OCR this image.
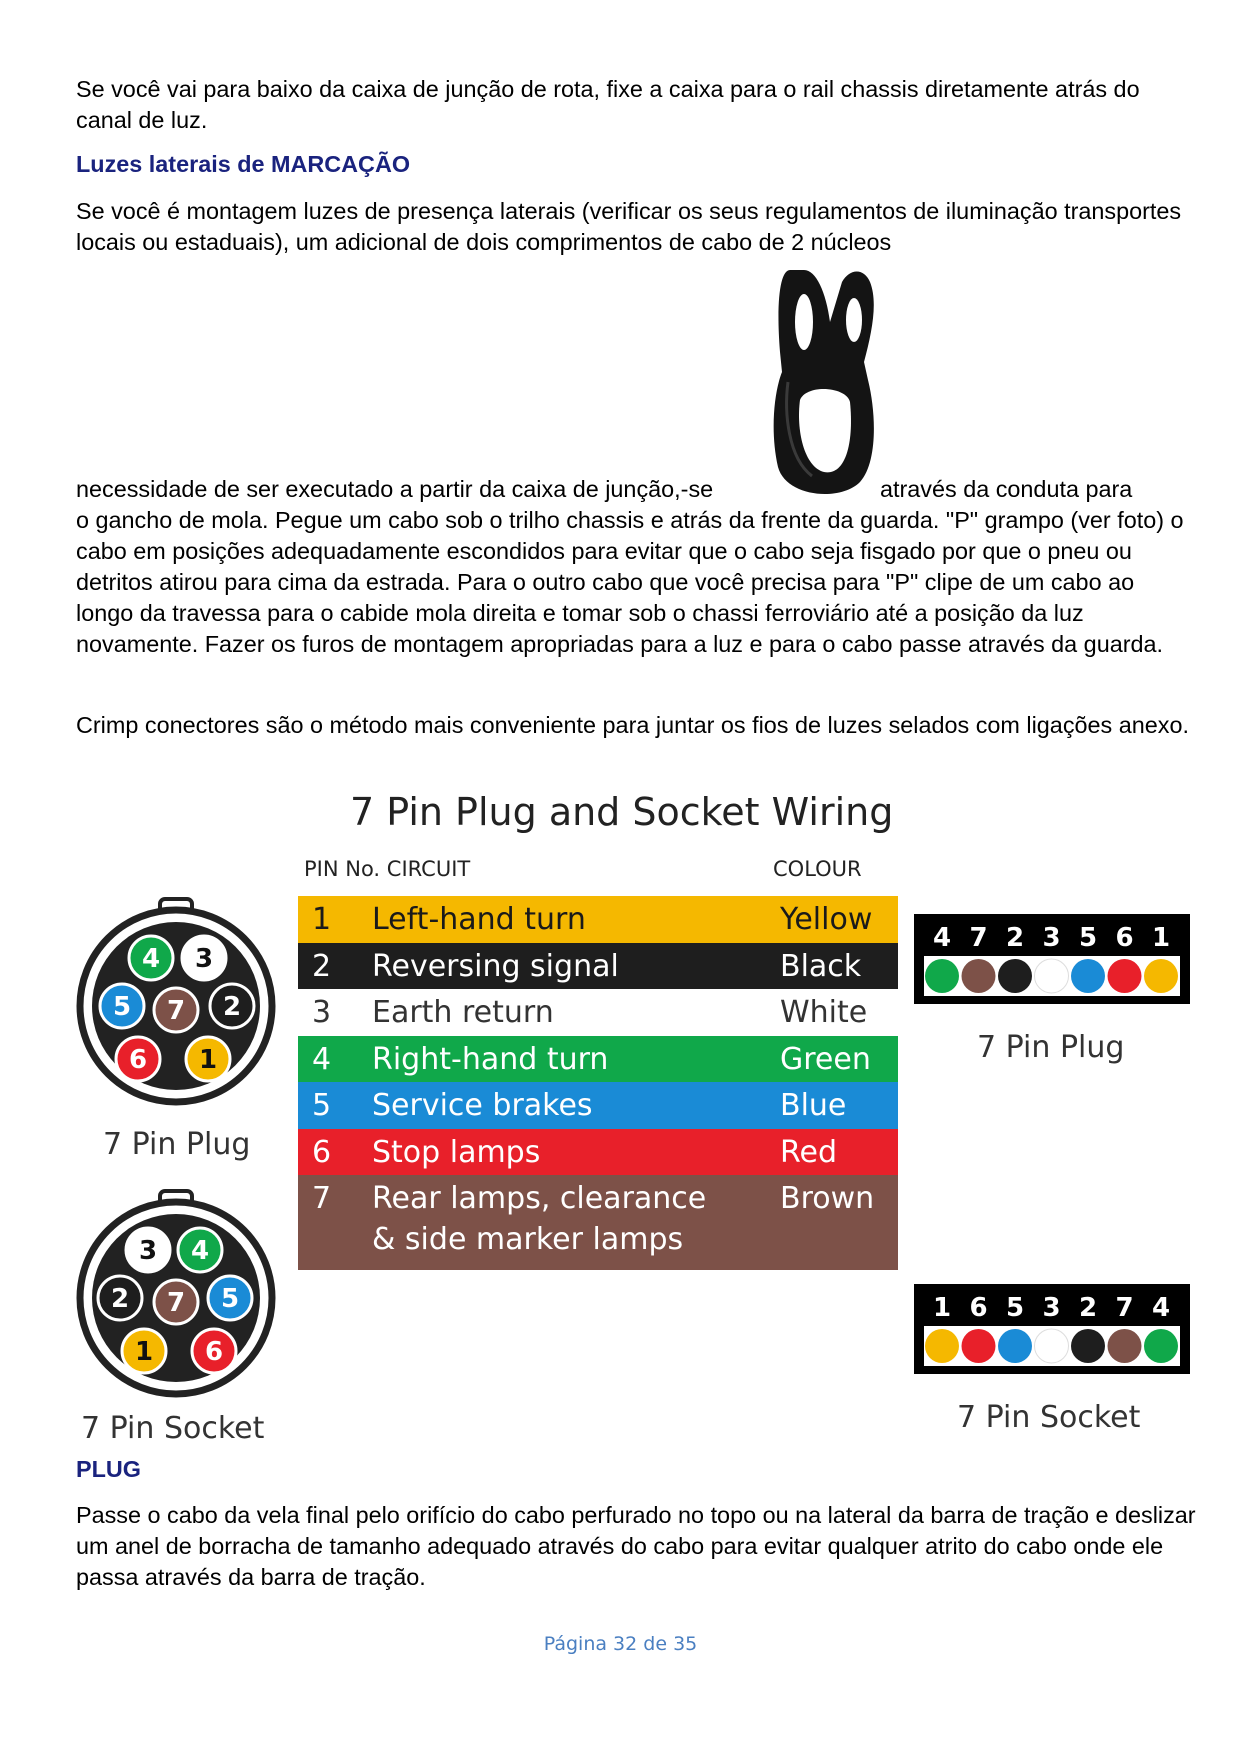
Se você vai para baixo da caixa de junção de rota, fixe a caixa para o rail chassis diretamente atrás do canal de luz.

Luzes laterais de MARCAÇÃO

Se você é montagem luzes de presença laterais (verificar os seus regulamentos de iluminação transportes locais ou estaduais), um adicional de dois comprimentos de cabo de 2 núcleos

necessidade de ser executado a partir da caixa de junção,-se	através da conduta para

o gancho de mola. Pegue um cabo sob o trilho chassis e atrás da frente da guarda. "P" grampo (ver foto) o cabo em posições adequadamente escondidos para evitar que o cabo seja fisgado por que o pneu ou detritos atirou para cima da estrada. Para o outro cabo que você precisa para "P" clipe de um cabo ao longo da travessa para o cabide mola direita e tomar sob o chassi ferroviário até a posição da luz novamente. Fazer os furos de montagem apropriadas para a luz e para o cabo passe através da guarda.

Crimp conectores são o método mais conveniente para juntar os fios de luzes selados com ligações anexo.

7 Pin Plug and Socket Wiring
PIN No. CIRCUIT	COLOUR
1 Left-hand turn	Yellow
2 Reversing signal	Black
3 Earth return	White
4 Right-hand turn	Green
5 Service brakes	Blue
6 Stop lamps	Red
7 Rear lamps, clearance
& side marker lamps
Brown
1
2
3
4
5
6
7
7 Pin Plug
1
2
3 4
5
6
7
7 Pin Socket
4 7 2 3 5 6 1
7 Pin Plug
1 6 5 3 2 7 4
7 Pin Socket

PLUG

Passe o cabo da vela final pelo orifício do cabo perfurado no topo ou na lateral da barra de tração e deslizar um anel de borracha de tamanho adequado através do cabo para evitar qualquer atrito do cabo onde ele passa através da barra de tração.

Página 32 de 35
